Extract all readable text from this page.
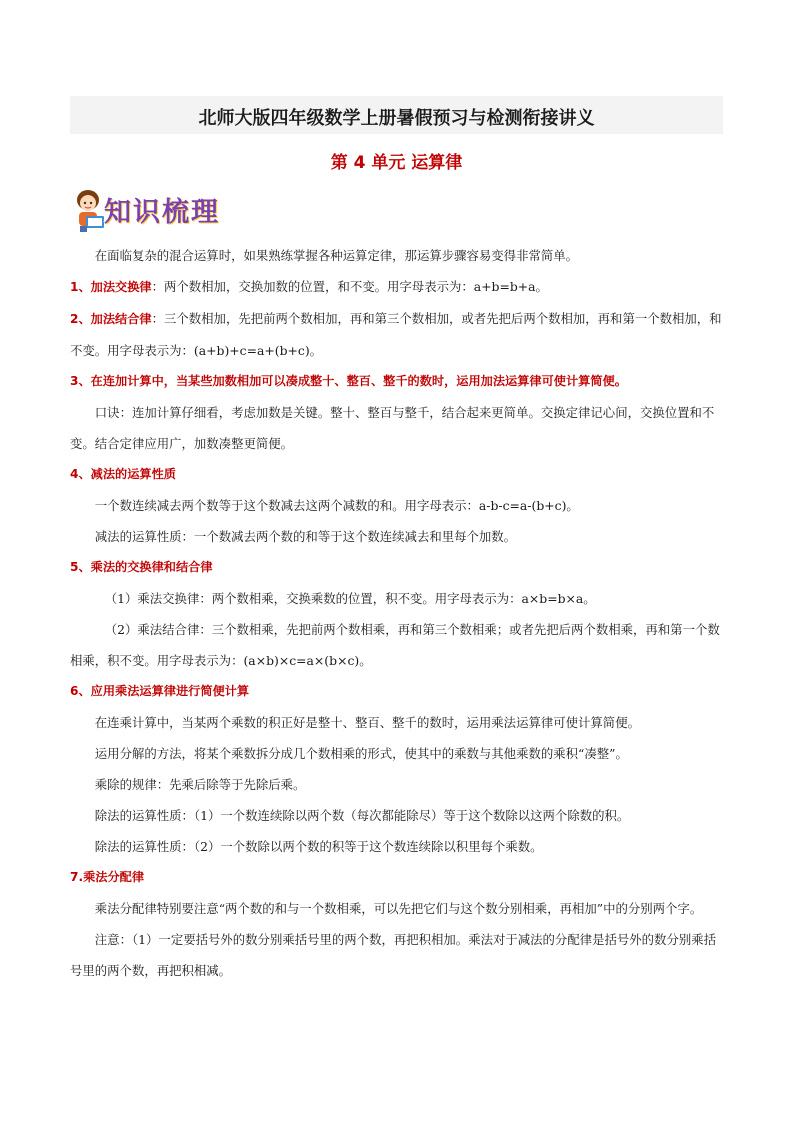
北师大版四年级数学上册暑假预习与检测衔接讲义
第 4 单元 运算律
知识梳理

在面临复杂的混合运算时，如果熟练掌握各种运算定律，那运算步骤容易变得非常简单。

1、加法交换律：两个数相加，交换加数的位置，和不变。用字母表示为：a+b=b+a。

2、加法结合律：三个数相加，先把前两个数相加，再和第三个数相加，或者先把后两个数相加，再和第一个数相加，和不变。用字母表示为：(a+b)+c=a+(b+c)。

3、在连加计算中，当某些加数相加可以凑成整十、整百、整千的数时，运用加法运算律可使计算简便。

口诀：连加计算仔细看，考虑加数是关键。整十、整百与整千，结合起来更简单。交换定律记心间，交换位置和不变。结合定律应用广，加数凑整更简便。

4、减法的运算性质

一个数连续减去两个数等于这个数减去这两个减数的和。用字母表示：a-b-c=a-(b+c)。

减法的运算性质：一个数减去两个数的和等于这个数连续减去和里每个加数。

5、乘法的交换律和结合律

（1）乘法交换律：两个数相乘，交换乘数的位置，积不变。用字母表示为：a×b=b×a。

（2）乘法结合律：三个数相乘，先把前两个数相乘，再和第三个数相乘；或者先把后两个数相乘，再和第一个数相乘，积不变。用字母表示为：(a×b)×c=a×(b×c)。

6、应用乘法运算律进行简便计算

在连乘计算中，当某两个乘数的积正好是整十、整百、整千的数时，运用乘法运算律可使计算简便。

运用分解的方法，将某个乘数拆分成几个数相乘的形式，使其中的乘数与其他乘数的乘积“凑整”。

乘除的规律：先乘后除等于先除后乘。

除法的运算性质：（1）一个数连续除以两个数（每次都能除尽）等于这个数除以这两个除数的积。

除法的运算性质：（2）一个数除以两个数的积等于这个数连续除以积里每个乘数。

7.乘法分配律

乘法分配律特别要注意“两个数的和与一个数相乘，可以先把它们与这个数分别相乘，再相加”中的分别两个字。

注意：（1）一定要括号外的数分别乘括号里的两个数，再把积相加。乘法对于减法的分配律是括号外的数分别乘括号里的两个数，再把积相减。
